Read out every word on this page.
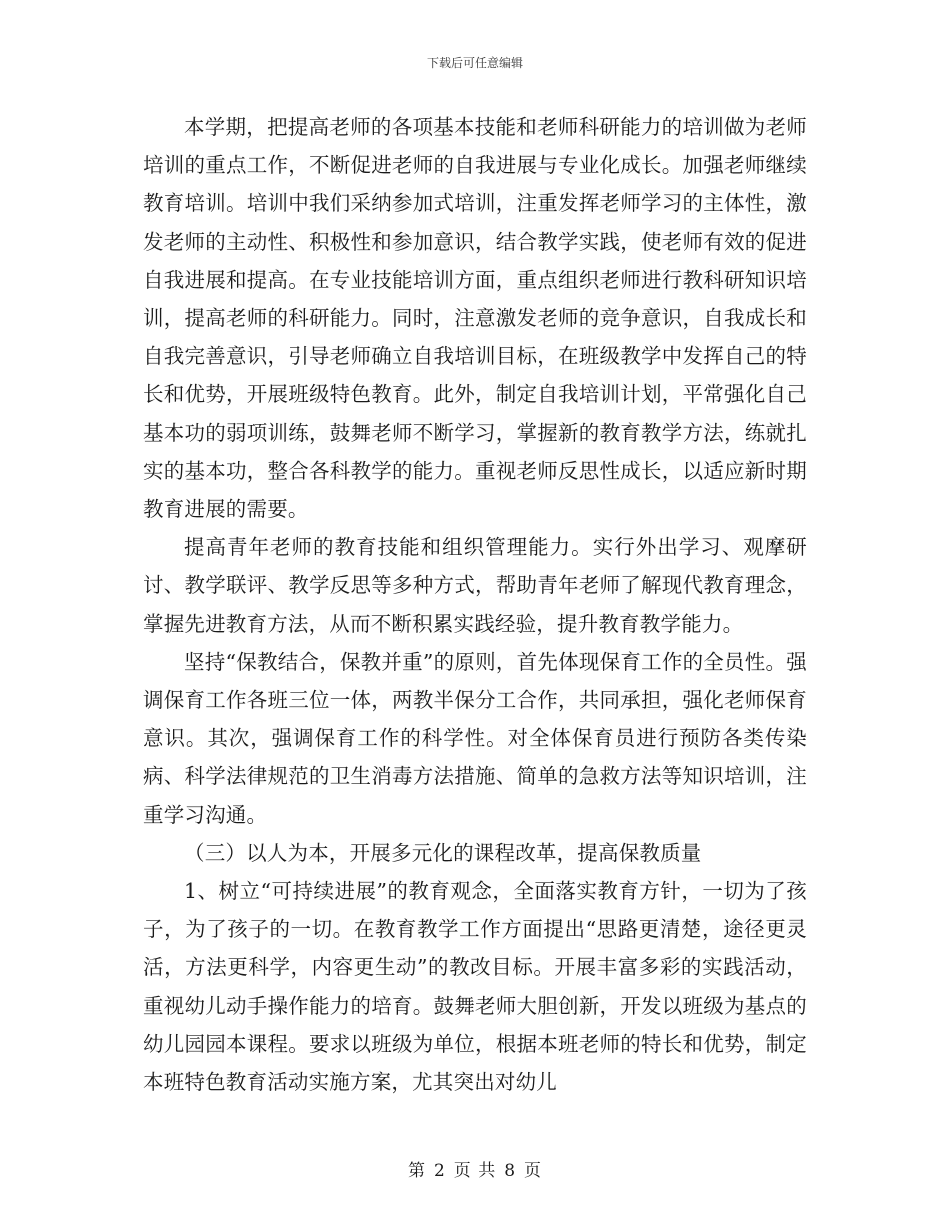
下载后可任意编辑

本学期，把提高老师的各项基本技能和老师科研能力的培训做为老师培训的重点工作，不断促进老师的自我进展与专业化成长。加强老师继续教育培训。培训中我们采纳参加式培训，注重发挥老师学习的主体性，激发老师的主动性、积极性和参加意识，结合教学实践，使老师有效的促进自我进展和提高。在专业技能培训方面，重点组织老师进行教科研知识培训，提高老师的科研能力。同时，注意激发老师的竞争意识，自我成长和自我完善意识，引导老师确立自我培训目标，在班级教学中发挥自己的特长和优势，开展班级特色教育。此外，制定自我培训计划，平常强化自己基本功的弱项训练，鼓舞老师不断学习，掌握新的教育教学方法，练就扎实的基本功，整合各科教学的能力。重视老师反思性成长，以适应新时期教育进展的需要。

提高青年老师的教育技能和组织管理能力。实行外出学习、观摩研讨、教学联评、教学反思等多种方式，帮助青年老师了解现代教育理念，掌握先进教育方法，从而不断积累实践经验，提升教育教学能力。

坚持“保教结合，保教并重”的原则，首先体现保育工作的全员性。强调保育工作各班三位一体，两教半保分工合作，共同承担，强化老师保育意识。其次，强调保育工作的科学性。对全体保育员进行预防各类传染病、科学法律规范的卫生消毒方法措施、简单的急救方法等知识培训，注重学习沟通。

（三）以人为本，开展多元化的课程改革，提高保教质量

1、树立“可持续进展”的教育观念，全面落实教育方针，一切为了孩子，为了孩子的一切。在教育教学工作方面提出“思路更清楚，途径更灵活，方法更科学，内容更生动”的教改目标。开展丰富多彩的实践活动，重视幼儿动手操作能力的培育。鼓舞老师大胆创新，开发以班级为基点的幼儿园园本课程。要求以班级为单位，根据本班老师的特长和优势，制定本班特色教育活动实施方案，尤其突出对幼儿

第 2 页 共 8 页
